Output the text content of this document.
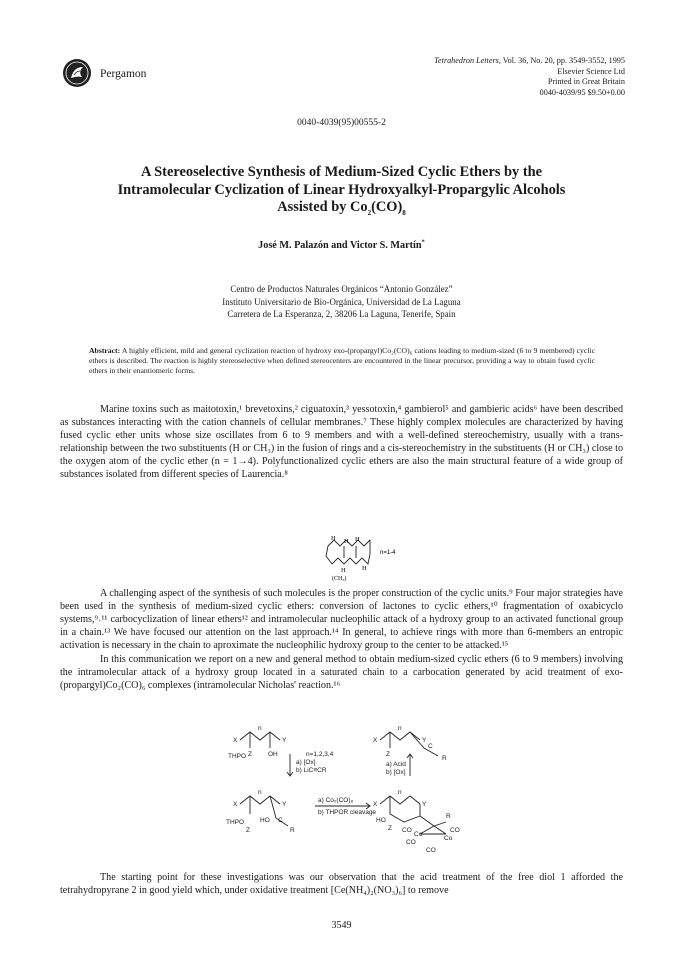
Pergamon
Tetrahedron Letters, Vol. 36, No. 20, pp. 3549-3552, 1995
Elsevier Science Ltd
Printed in Great Britain
0040-4039/95 $9.50+0.00
0040-4039(95)00555-2
A Stereoselective Synthesis of Medium-Sized Cyclic Ethers by the
Intramolecular Cyclization of Linear Hydroxyalkyl-Propargylic Alcohols
Assisted by $Co_2(CO)_8$
José M. Palazón and Victor S. Martín*
Centro de Productos Naturales Orgánicos “Antonio González”
Instituto Universitario de Bio-Orgánica, Universidad de La Laguna
Carretera de La Esperanza, 2, 38206 La Laguna, Tenerife, Spain
Abstract: A highly efficient, mild and general cyclization reaction of hydroxy exo-(propargyl)Co₂(CO)₆ cations leading to medium-sized (6 to 9 membered) cyclic ethers is described. The reaction is highly stereoselective when defined stereocenters are encountered in the linear precursor, providing a way to obtain fused cyclic ethers in their enantiomeric forms.

Marine toxins such as maitotoxin,¹ brevetoxins,² ciguatoxin,³ yessotoxin,⁴ gambierol⁵ and gambieric acids⁶ have been described as substances interacting with the cation channels of cellular membranes.⁷ These highly complex molecules are characterized by having fused cyclic ether units whose size oscillates from 6 to 9 members and with a well-defined stereochemistry, usually with a trans-relationship between the two substituents (H or CH₃) in the fusion of rings and a cis-stereochemistry in the substituents (H or CH₃) close to the oxygen atom of the cyclic ether (n = 1→4). Polyfunctionalized cyclic ethers are also the main structural feature of a wide group of substances isolated from different species of Laurencia.⁸

H H H
n=1-4
H	H
(CH₃)

A challenging aspect of the synthesis of such molecules is the proper construction of the cyclic units.⁹ Four major strategies have been used in the synthesis of medium-sized cyclic ethers: conversion of lactones to cyclic ethers,¹⁰ fragmentation of oxabicyclo systems,⁹˒¹¹ carbocyclization of linear ethers¹² and intramolecular nucleophilic attack of a hydroxy group to an activated functional group in a chain.¹³ We have focused our attention on the last approach.¹⁴ In general, to achieve rings with more than 6-members an entropic activation is necessary in the chain to aproximate the nucleophilic hydroxy group to the center to be attacked.¹⁵

In this communication we report on a new and general method to obtain medium-sized cyclic ethers (6 to 9 members) involving the intramolecular attack of a hydroxy group located in a saturated chain to a carbocation generated by acid treatment of exo-(propargyl)Co₂(CO)₆ complexes (intramolecular Nicholas' reaction.¹⁶

X
n
Y
THPO Z OH	n=1,2,3,4
a) [Ox]
b) LiC≡CR
X
n
Y
Z
a) Acid
b) [Ox]
C
R
X
n
Y
THPO HO
Z
C
R
a) Co₂(CO)₈
b) THPOR cleavage
X
n
Y
HO
Z
R
CO
Co
CO
Co
CO
CO

The starting point for these investigations was our observation that the acid treatment of the free diol 1 afforded the tetrahydropyrane 2 in good yield which, under oxidative treatment [Ce(NH₄)₂(NO₃)₆] to remove

3549
